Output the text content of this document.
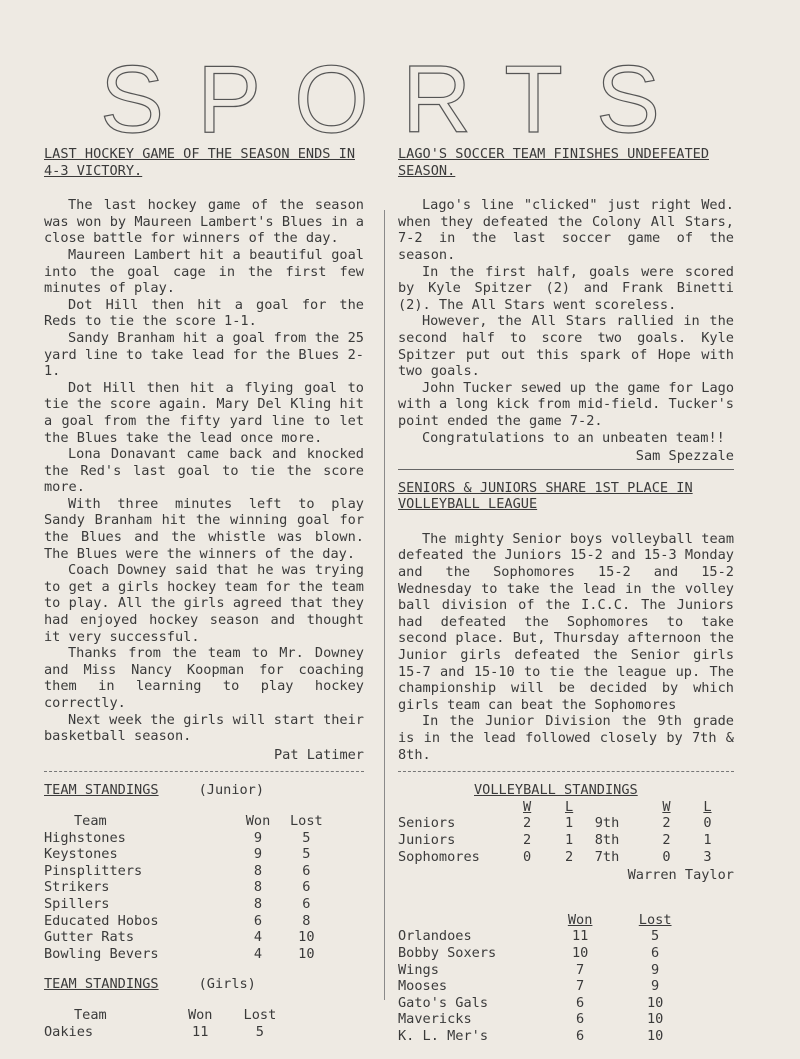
S P O R T S
LAST HOCKEY GAME OF THE SEASON ENDS IN
4-3 VICTORY.

The last hockey game of the season was won by Maureen Lambert's Blues in a close battle for winners of the day.

Maureen Lambert hit a beautiful goal into the goal cage in the first few minutes of play.

Dot Hill then hit a goal for the Reds to tie the score 1-1.

Sandy Branham hit a goal from the 25 yard line to take lead for the Blues 2-1.

Dot Hill then hit a flying goal to tie the score again. Mary Del Kling hit a goal from the fifty yard line to let the Blues take the lead once more.

Lona Donavant came back and knocked the Red's last goal to tie the score more.

With three minutes left to play Sandy Branham hit the winning goal for the Blues and the whistle was blown. The Blues were the winners of the day.

Coach Downey said that he was trying to get a girls hockey team for the team to play. All the girls agreed that they had enjoyed hockey season and thought it very successful.

Thanks from the team to Mr. Downey and Miss Nancy Koopman for coaching them in learning to play hockey correctly.

Next week the girls will start their basketball season.

Pat Latimer
TEAM STANDINGS	(Junior)
Team	Won	Lost
Highstones	9	5
Keystones	9	5
Pinsplitters	8	6
Strikers	8	6
Spillers	8	6
Educated Hobos	6	8
Gutter Rats	4	10
Bowling Bevers	4	10
TEAM STANDINGS	(Girls)
Team	Won	Lost
Oakies	11	5
LAGO'S SOCCER TEAM FINISHES UNDEFEATED
SEASON.

Lago's line "clicked" just right Wed. when they defeated the Colony All Stars, 7-2 in the last soccer game of the season.

In the first half, goals were scored by Kyle Spitzer (2) and Frank Binetti (2). The All Stars went scoreless.

However, the All Stars rallied in the second half to score two goals. Kyle Spitzer put out this spark of Hope with two goals.

John Tucker sewed up the game for Lago with a long kick from mid-field. Tucker's point ended the game 7-2.

Congratulations to an unbeaten team!!

Sam Spezzale
SENIORS & JUNIORS SHARE 1ST PLACE IN
VOLLEYBALL LEAGUE

The mighty Senior boys volleyball team defeated the Juniors 15-2 and 15-3 Monday and the Sophomores 15-2 and 15-2 Wednesday to take the lead in the volley ball division of the I.C.C. The Juniors had defeated the Sophomores to take second place. But, Thursday afternoon the Junior girls defeated the Senior girls 15-7 and 15-10 to tie the league up. The championship will be decided by which girls team can beat the Sophomores

In the Junior Division the 9th grade is in the lead followed closely by 7th & 8th.

VOLLEYBALL STANDINGS
	W	L		W	L
Seniors	2	1	9th	2	0
Juniors	2	1	8th	2	1
Sophomores	0	2	7th	0	3
Warren Taylor
	Won	Lost
Orlandoes	11	5
Bobby Soxers	10	6
Wings	7	9
Mooses	7	9
Gato's Gals	6	10
Mavericks	6	10
K. L. Mer's	6	10
